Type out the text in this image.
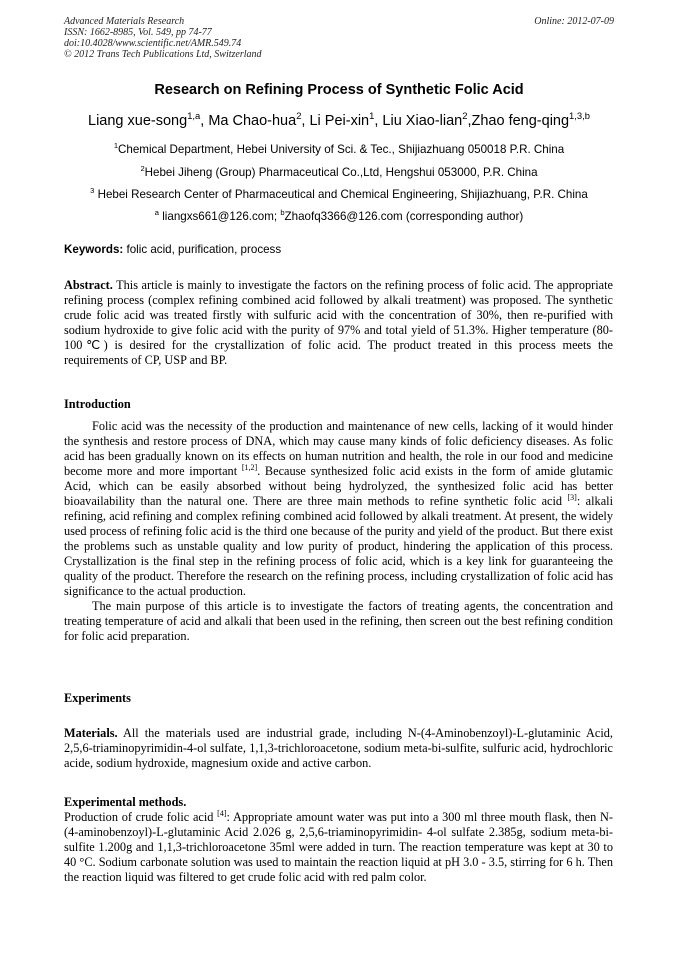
Advanced Materials Research
ISSN: 1662-8985, Vol. 549, pp 74-77
doi:10.4028/www.scientific.net/AMR.549.74
© 2012 Trans Tech Publications Ltd, Switzerland
Online: 2012-07-09
Research on Refining Process of Synthetic Folic Acid
Liang xue-song$^{1,a}$, Ma Chao-hua$^2$, Li Pei-xin$^1$, Liu Xiao-lian$^2$,Zhao feng-qing$^{1,3,b}$
$^1$Chemical Department, Hebei University of Sci. & Tec., Shijiazhuang 050018 P.R. China
$^2$Hebei Jiheng (Group) Pharmaceutical Co.,Ltd, Hengshui 053000, P.R. China
$^3$ Hebei Research Center of Pharmaceutical and Chemical Engineering, Shijiazhuang, P.R. China
$^a$ liangxs661@126.com; $^b$Zhaofq3366@126.com (corresponding author)
Keywords: folic acid, purification, process
Abstract. This article is mainly to investigate the factors on the refining process of folic acid. The appropriate refining process (complex refining combined acid followed by alkali treatment) was proposed. The synthetic crude folic acid was treated firstly with sulfuric acid with the concentration of 30%, then re-purified with sodium hydroxide to give folic acid with the purity of 97% and total yield of 51.3%. Higher temperature (80-100℃) is desired for the crystallization of folic acid. The product treated in this process meets the requirements of CP, USP and BP.
Introduction

Folic acid was the necessity of the production and maintenance of new cells, lacking of it would hinder the synthesis and restore process of DNA, which may cause many kinds of folic deficiency diseases. As folic acid has been gradually known on its effects on human nutrition and health, the role in our food and medicine become more and more important [1,2]. Because synthesized folic acid exists in the form of amide glutamic Acid, which can be easily absorbed without being hydrolyzed, the synthesized folic acid has better bioavailability than the natural one. There are three main methods to refine synthetic folic acid [3]: alkali refining, acid refining and complex refining combined acid followed by alkali treatment. At present, the widely used process of refining folic acid is the third one because of the purity and yield of the product. But there exist the problems such as unstable quality and low purity of product, hindering the application of this process. Crystallization is the final step in the refining process of folic acid, which is a key link for guaranteeing the quality of the product. Therefore the research on the refining process, including crystallization of folic acid has significance to the actual production.

The main purpose of this article is to investigate the factors of treating agents, the concentration and treating temperature of acid and alkali that been used in the refining, then screen out the best refining condition for folic acid preparation.

Experiments
Materials. All the materials used are industrial grade, including N-(4-Aminobenzoyl)-L-glutaminic Acid, 2,5,6-triaminopyrimidin-4-ol sulfate, 1,1,3-trichloroacetone, sodium meta-bi-sulfite, sulfuric acid, hydrochloric acide, sodium hydroxide, magnesium oxide and active carbon.
Experimental methods.
Production of crude folic acid [4]: Appropriate amount water was put into a 300 ml three mouth flask, then N-(4-aminobenzoyl)-L-glutaminic Acid 2.026 g, 2,5,6-triaminopyrimidin- 4-ol sulfate 2.385g, sodium meta-bi-sulfite 1.200g and 1,1,3-trichloroacetone 35ml were added in turn. The reaction temperature was kept at 30 to 40 °C. Sodium carbonate solution was used to maintain the reaction liquid at pH 3.0 - 3.5, stirring for 6 h. Then the reaction liquid was filtered to get crude folic acid with red palm color.
